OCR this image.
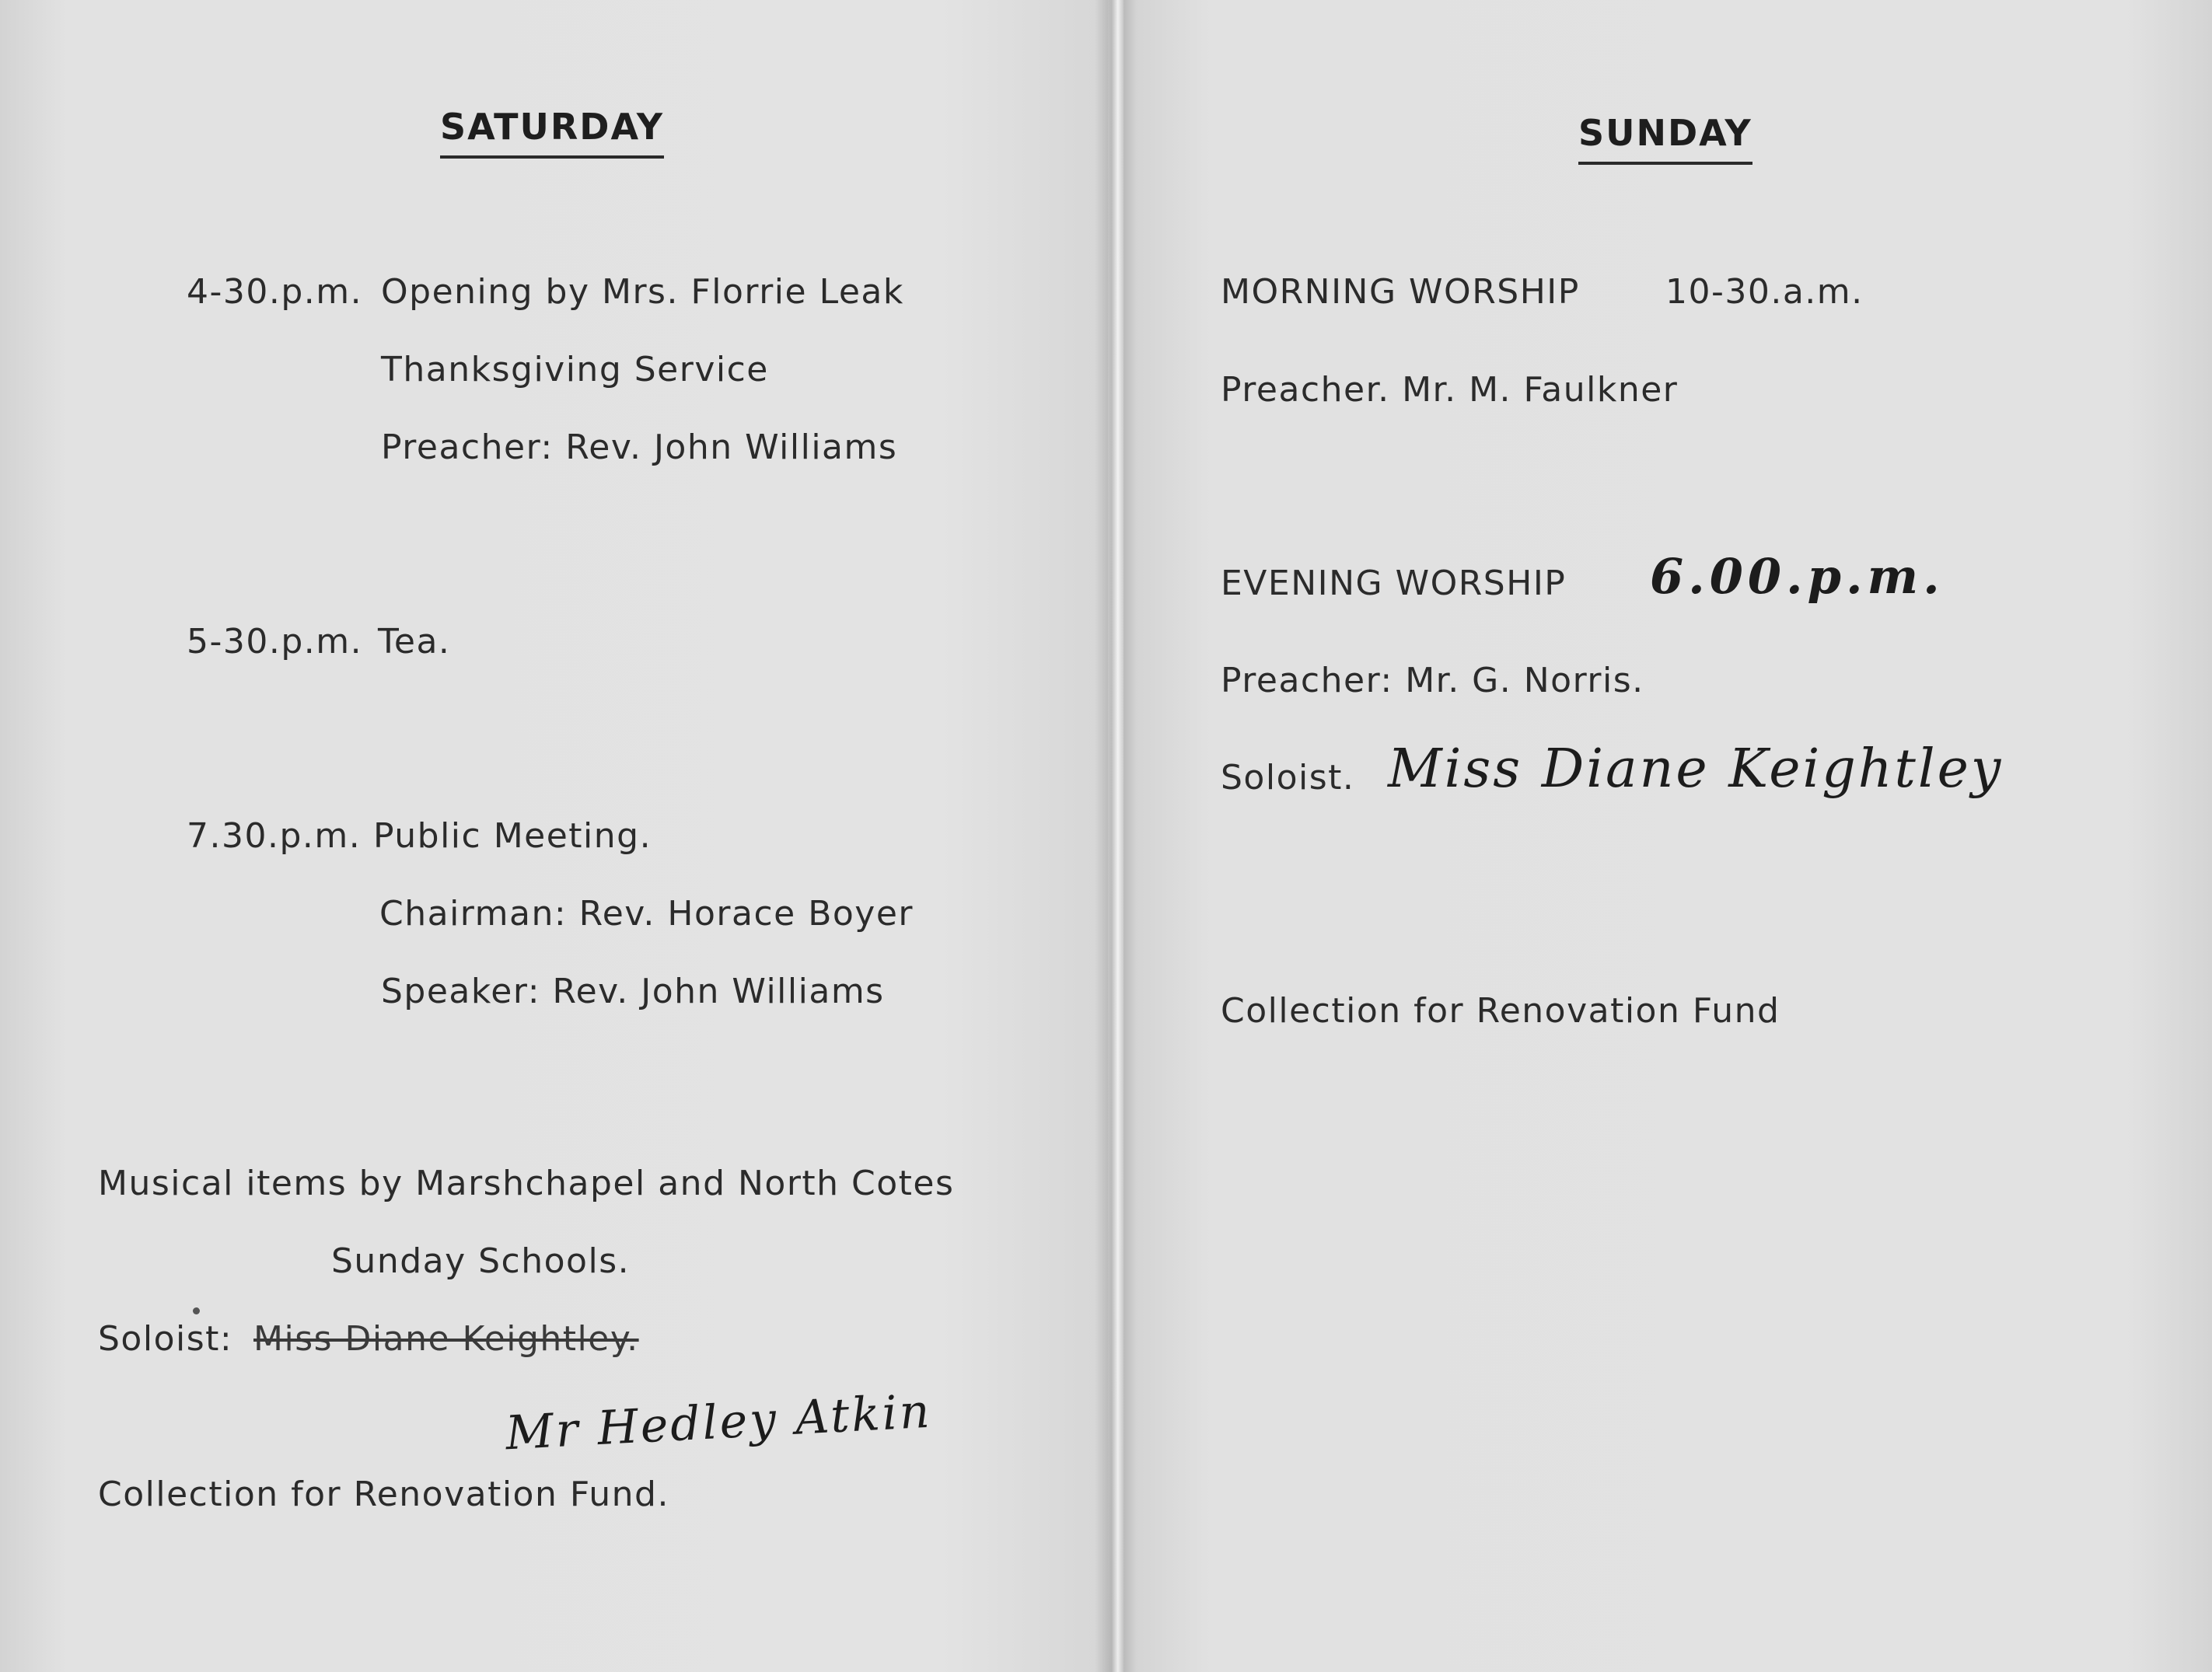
SATURDAY

4-30.p.m. Opening by Mrs. Florrie Leak

Thanksgiving Service

Preacher: Rev. John Williams

5-30.p.m. Tea.

7.30.p.m. Public Meeting.

Chairman: Rev. Horace Boyer

Speaker: Rev. John Williams

Musical items by Marshchapel and North Cotes

Sunday Schools.

Soloist: Miss Diane Keightley.

Mr Hedley Atkin

Collection for Renovation Fund.

SUNDAY

MORNING WORSHIP	10-30.a.m.

Preacher. Mr. M. Faulkner

EVENING WORSHIP 6.00.p.m.

Preacher: Mr. G. Norris.

Soloist. Miss Diane Keightley

Collection for Renovation Fund
